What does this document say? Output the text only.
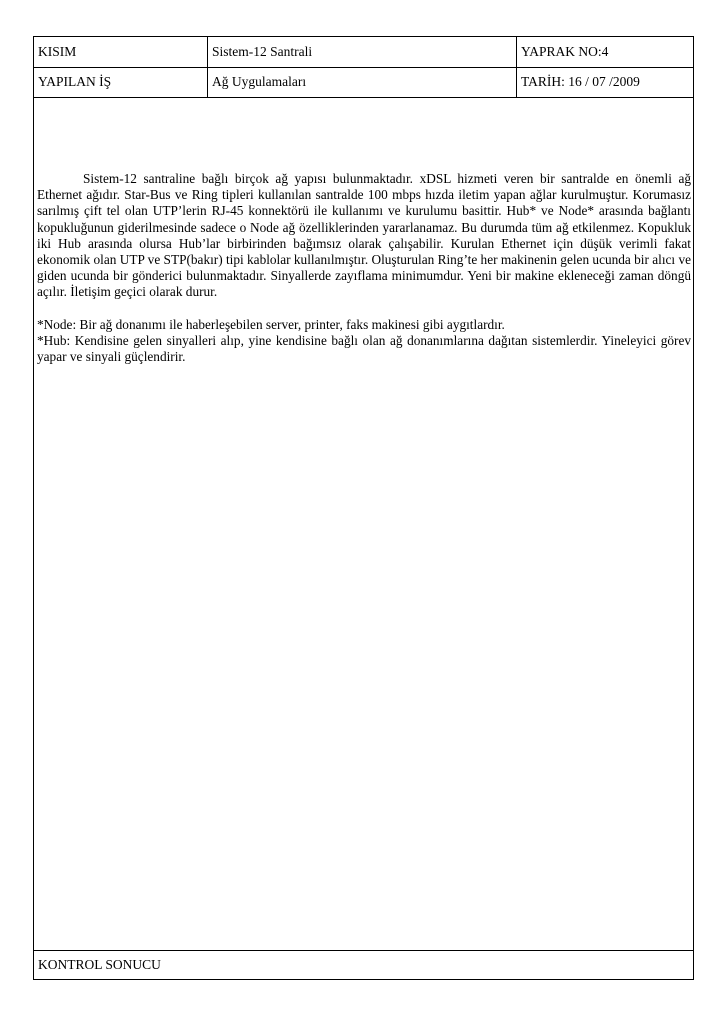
KISIM	Sistem-12 Santrali	YAPRAK NO:4
YAPILAN İŞ	Ağ Uygulamaları	TARİH: 16 / 07 /2009

Sistem-12 santraline bağlı birçok ağ yapısı bulunmaktadır. xDSL hizmeti veren bir santralde en önemli ağ Ethernet ağıdır. Star-Bus ve Ring tipleri kullanılan santralde 100 mbps hızda iletim yapan ağlar kurulmuştur. Korumasız sarılmış çift tel olan UTP’lerin RJ-45 konnektörü ile kullanımı ve kurulumu basittir. Hub* ve Node* arasında bağlantı kopukluğunun giderilmesinde sadece o Node ağ özelliklerinden yararlanamaz. Bu durumda tüm ağ etkilenmez. Kopukluk iki Hub arasında olursa Hub’lar birbirinden bağımsız olarak çalışabilir. Kurulan Ethernet için düşük verimli fakat ekonomik olan UTP ve STP(bakır) tipi kablolar kullanılmıştır. Oluşturulan Ring’te her makinenin gelen ucunda bir alıcı ve giden ucunda bir gönderici bulunmaktadır. Sinyallerde zayıflama minimumdur. Yeni bir makine ekleneceği zaman döngü açılır. İletişim geçici olarak durur.

*Node: Bir ağ donanımı ile haberleşebilen server, printer, faks makinesi gibi aygıtlardır.

*Hub: Kendisine gelen sinyalleri alıp, yine kendisine bağlı olan ağ donanımlarına dağıtan sistemlerdir. Yineleyici görev yapar ve sinyali güçlendirir.

KONTROL SONUCU
